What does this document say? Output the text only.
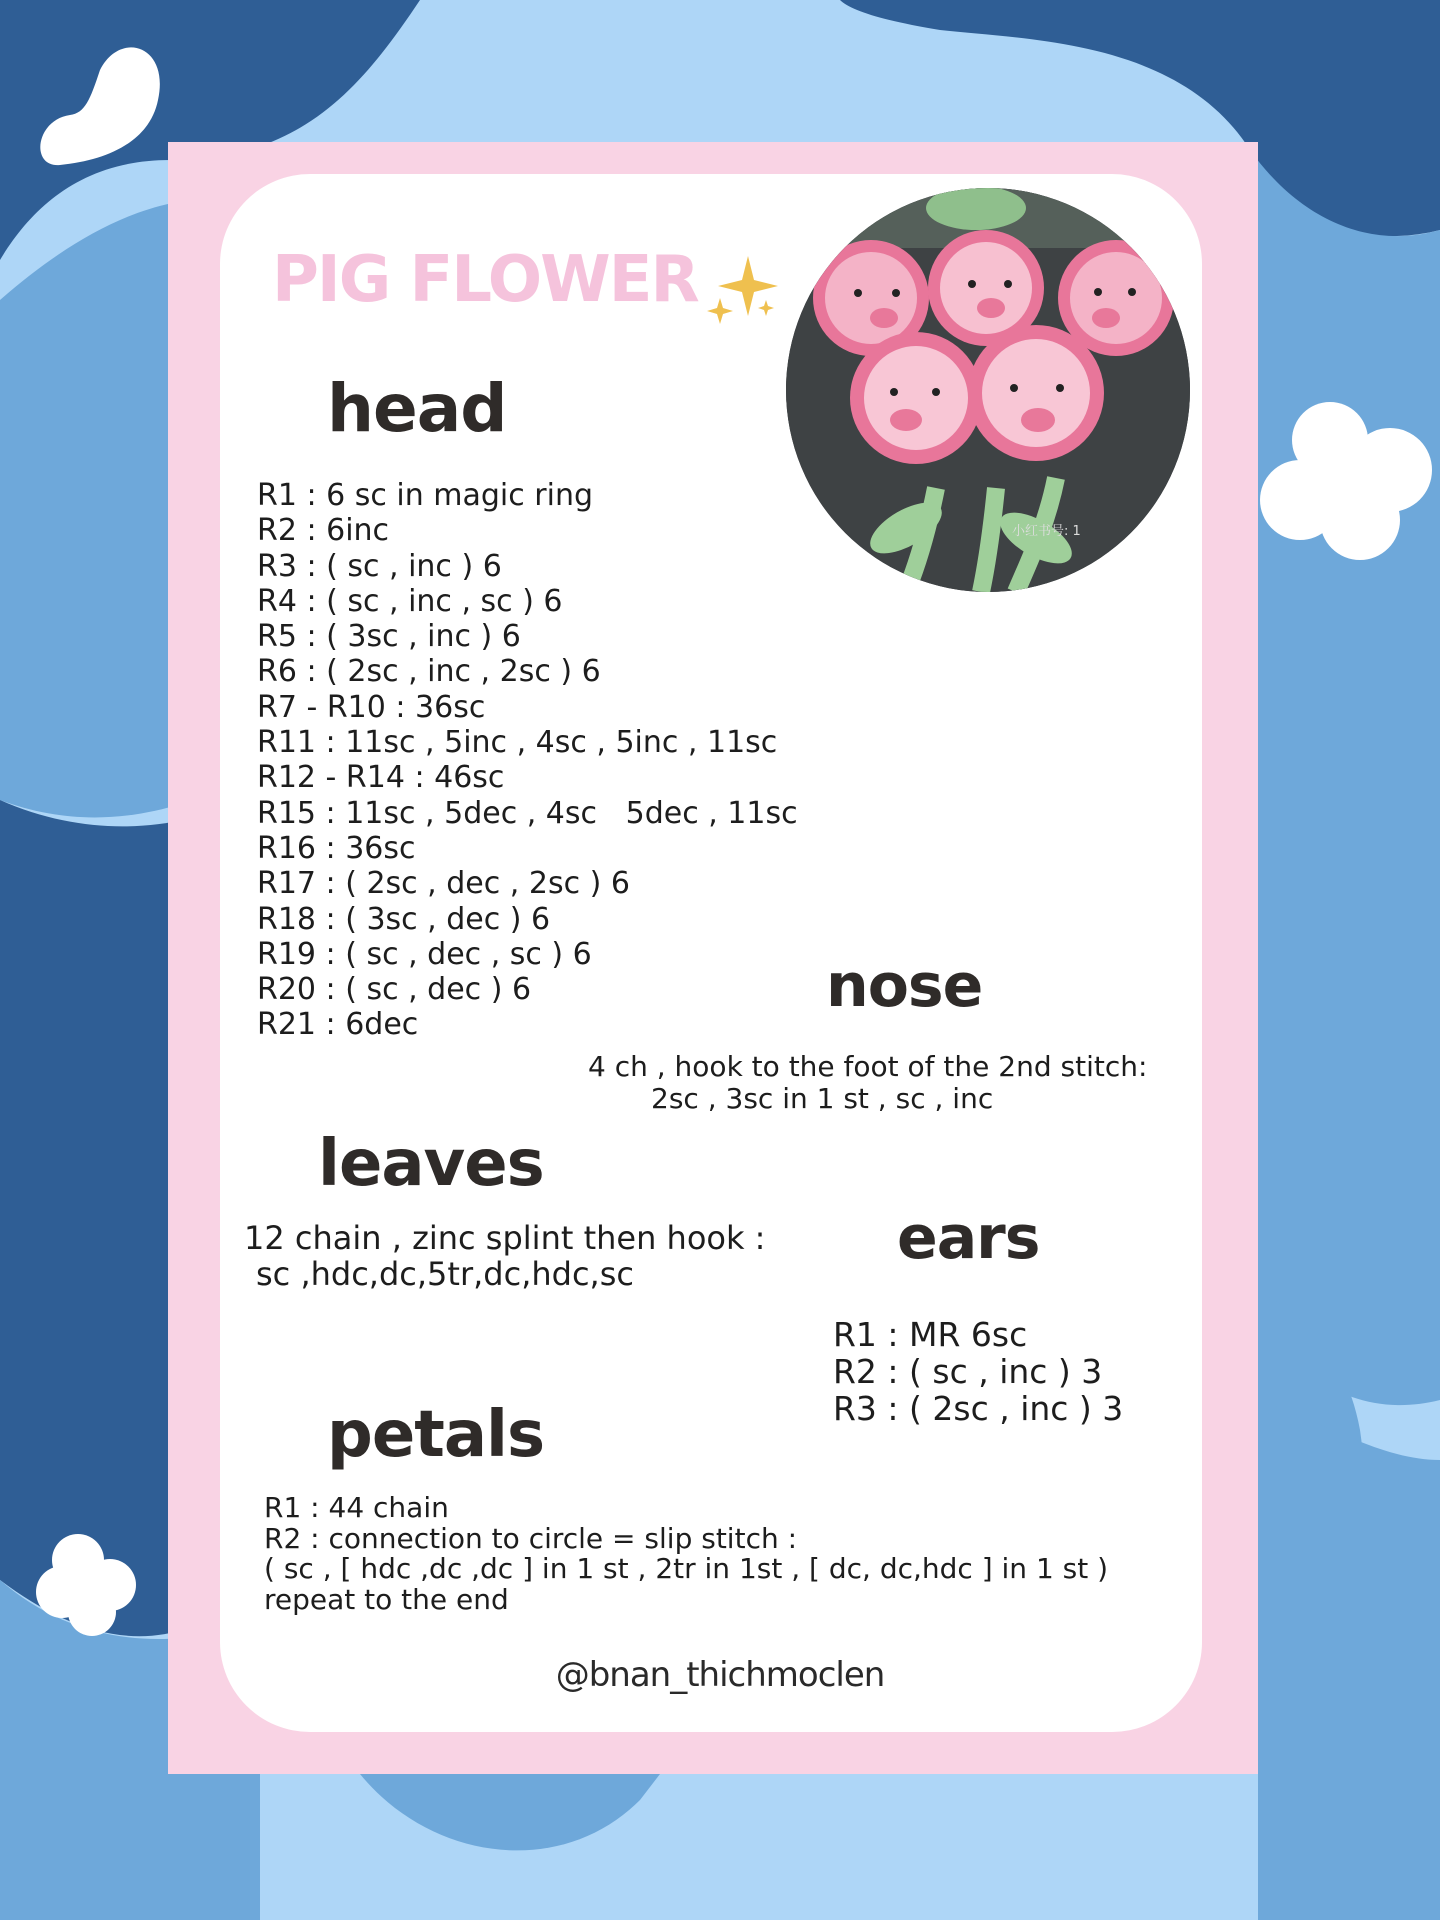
PIG FLOWER
小红书号: 1
head
R1 : 6 sc in magic ring
R2 : 6inc
R3 : ( sc , inc ) 6
R4 : ( sc , inc , sc ) 6
R5 : ( 3sc , inc ) 6
R6 : ( 2sc , inc , 2sc ) 6
R7 - R10 : 36sc
R11 : 11sc , 5inc , 4sc , 5inc , 11sc
R12 - R14 : 46sc
R15 : 11sc , 5dec , 4sc   5dec , 11sc
R16 : 36sc
R17 : ( 2sc , dec , 2sc ) 6
R18 : ( 3sc , dec ) 6
R19 : ( sc , dec , sc ) 6
R20 : ( sc , dec ) 6
R21 : 6dec
nose
4 ch , hook to the foot of the 2nd stitch:
2sc , 3sc in 1 st , sc , inc
leaves
12 chain , zinc splint then hook :
sc ,hdc,dc,5tr,dc,hdc,sc
ears
R1 : MR 6sc
R2 : ( sc , inc ) 3
R3 : ( 2sc , inc ) 3
petals
R1 : 44 chain
R2 : connection to circle = slip stitch :
( sc , [ hdc ,dc ,dc ] in 1 st , 2tr in 1st , [ dc, dc,hdc ] in 1 st )
repeat to the end

@bnan_thichmoclen
